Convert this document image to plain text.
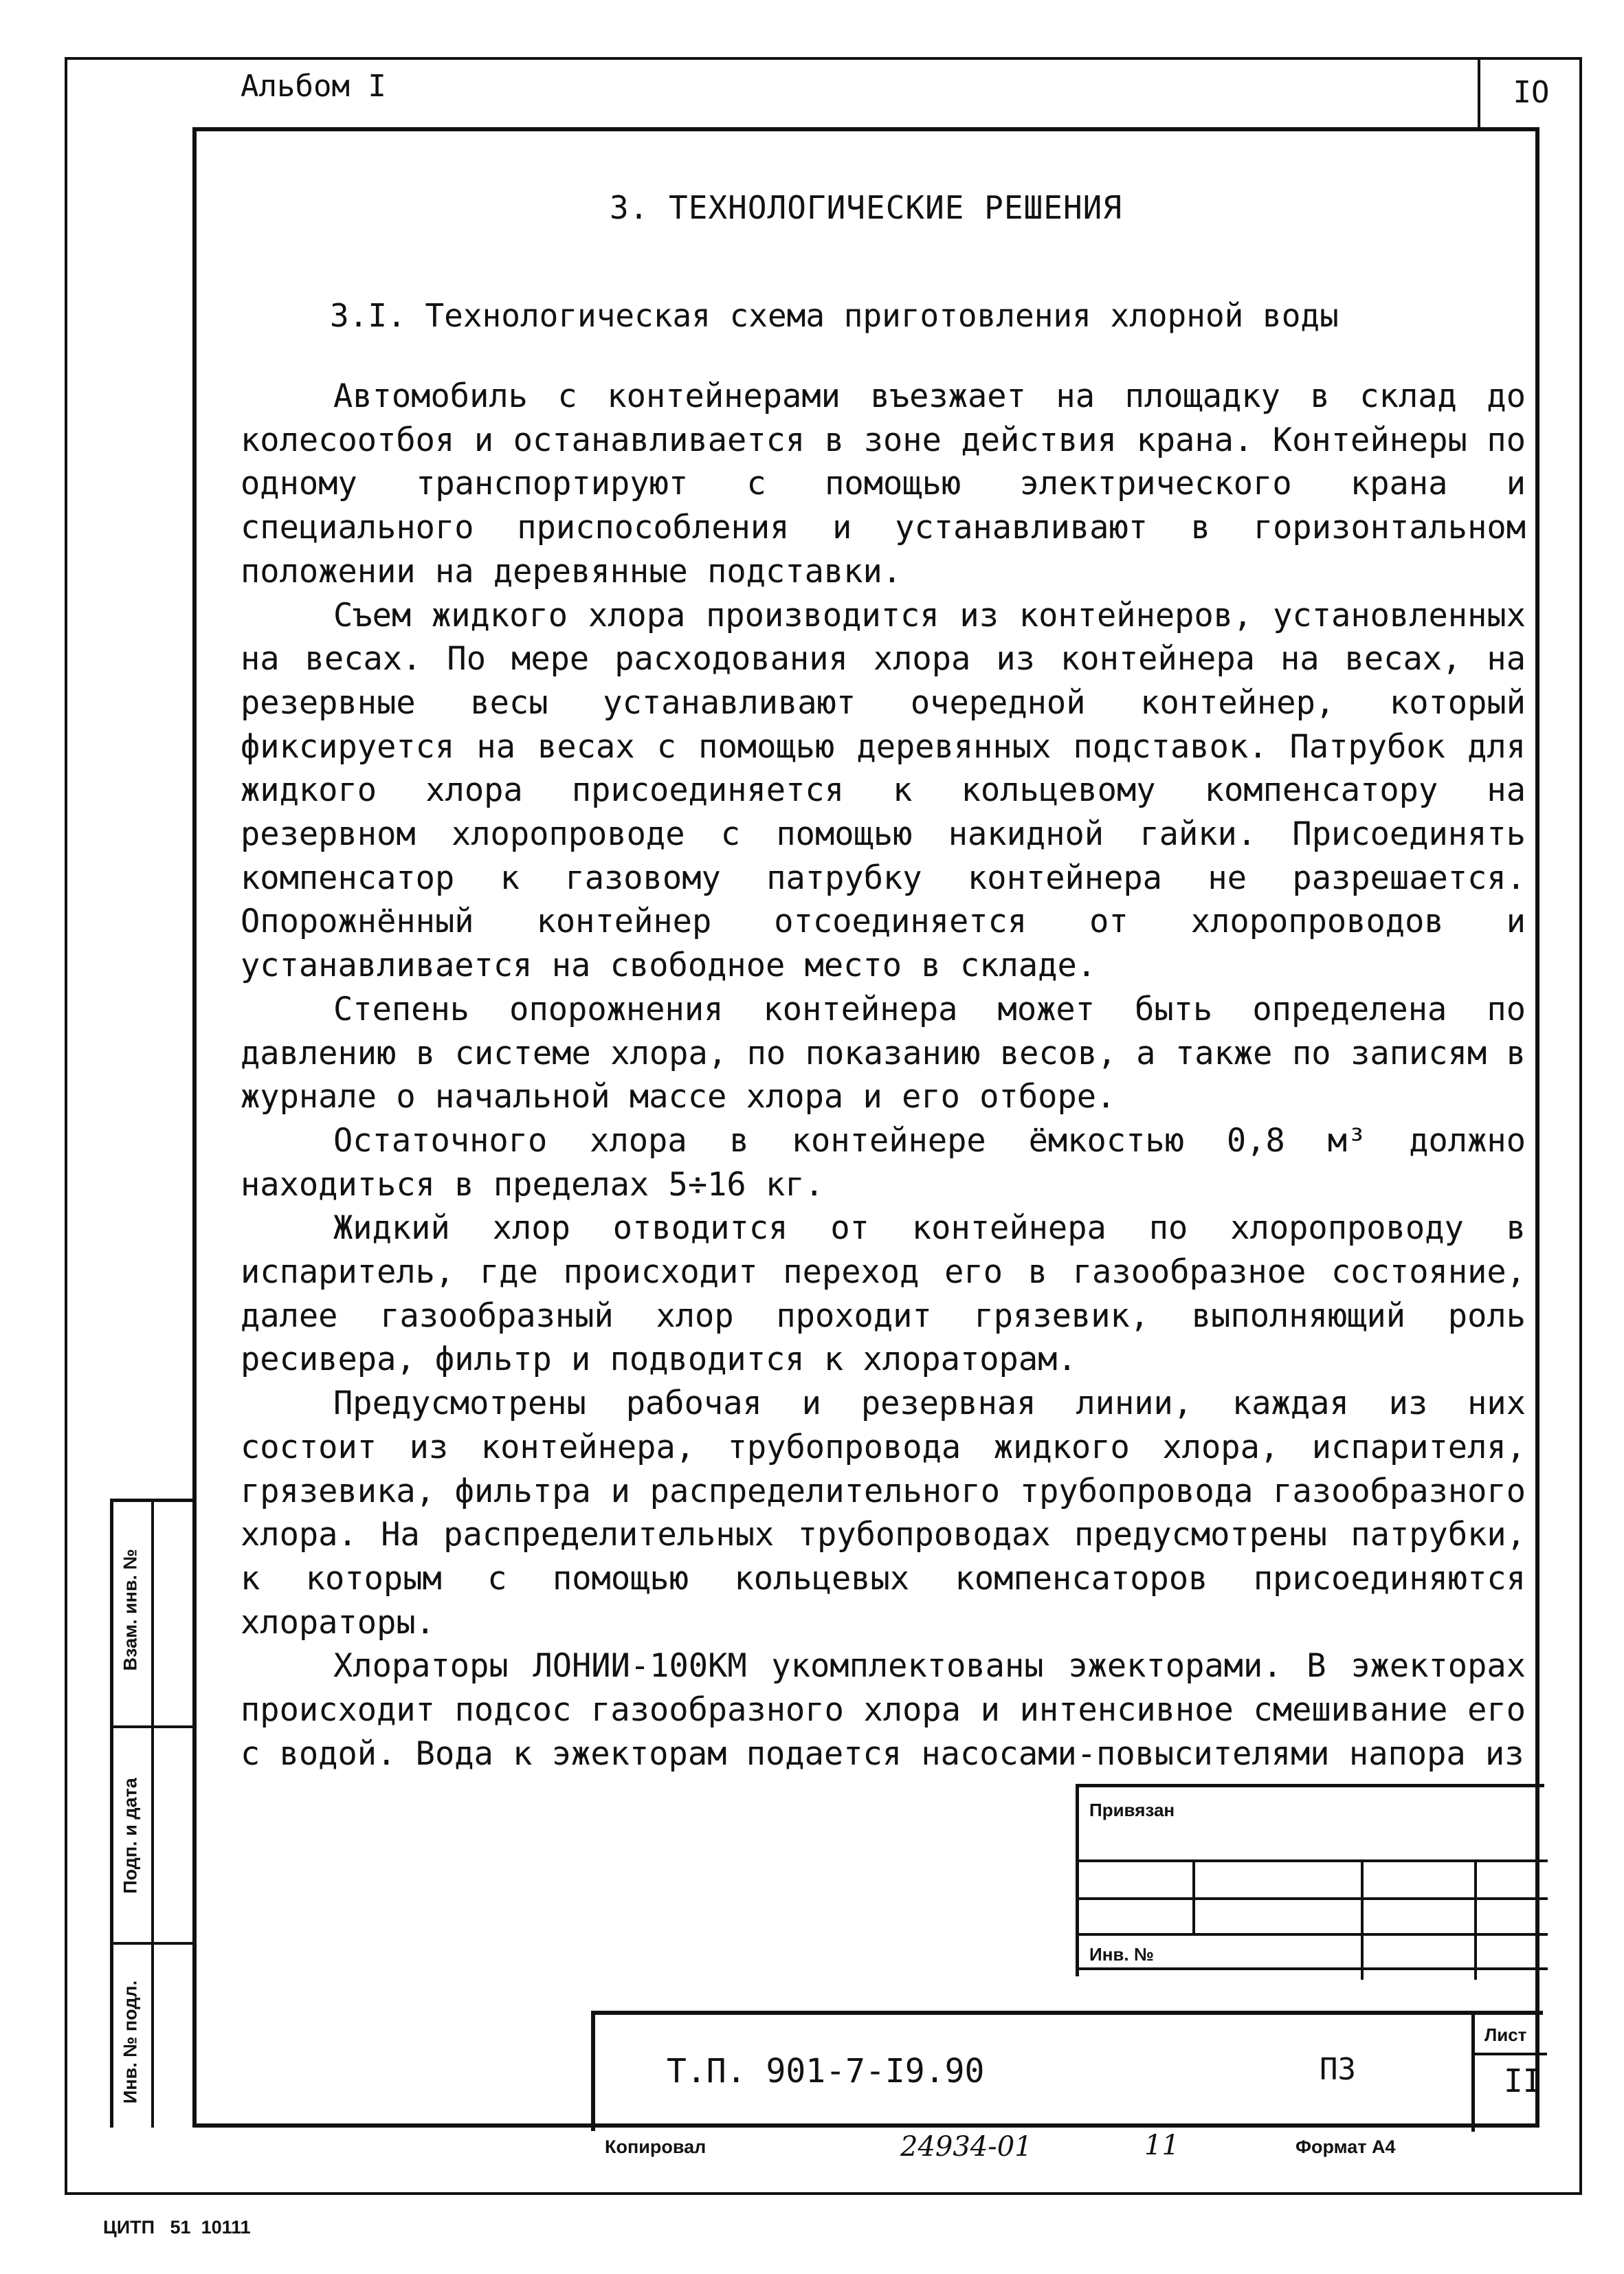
Альбом I	IO
3. ТЕХНОЛОГИЧЕСКИЕ РЕШЕНИЯ
3.I. Технологическая схема приготовления хлорной воды

Автомобиль с контейнерами въезжает на площадку в склад до колесоотбоя и останавливается в зоне действия крана. Контейнеры по одному транспортируют с помощью электрического крана и специального приспособления и устанавливают в горизонтальном положении на деревянные подставки.

Съем жидкого хлора производится из контейнеров, установленных на весах. По мере расходования хлора из контейнера на весах, на резервные весы устанавливают очередной контейнер, который фиксируется на весах с помощью деревянных подставок. Патрубок для жидкого хлора присоединяется к кольцевому компенсатору на резервном хлоропроводе с помощью накидной гайки. Присоединять компенсатор к газовому патрубку контейнера не разрешается. Опорожнённый контейнер отсоединяется от хлоропроводов и устанавливается на свободное место в складе.

Степень опорожнения контейнера может быть определена по давлению в системе хлора, по показанию весов, а также по записям в журнале о начальной массе хлора и его отборе.

Остаточного хлора в контейнере ёмкостью 0,8 м³ должно находиться в пределах 5÷16 кг.

Жидкий хлор отводится от контейнера по хлоропроводу в испаритель, где происходит переход его в газообразное состояние, далее газообразный хлор проходит грязевик, выполняющий роль ресивера, фильтр и подводится к хлораторам.

Предусмотрены рабочая и резервная линии, каждая из них состоит из контейнера, трубопровода жидкого хлора, испарителя, грязевика, фильтра и распределительного трубопровода газообразного хлора. На распределительных трубопроводах предусмотрены патрубки, к которым с помощью кольцевых компенсаторов присоединяются хлораторы.

Хлораторы ЛОНИИ-100КМ укомплектованы эжекторами. В эжекторах происходит подсос газообразного хлора и интенсивное смешивание его с водой. Вода к эжекторам подается насосами-повысителями напора из

Взам. инв. №
Подп. и дата
Инв. № подл.
Привязан
Инв. №
Т.П. 901-7-I9.90	ПЗ
Лист
II
Копировал	24934-01	11	Формат А4
ЦИТП   51  10111
